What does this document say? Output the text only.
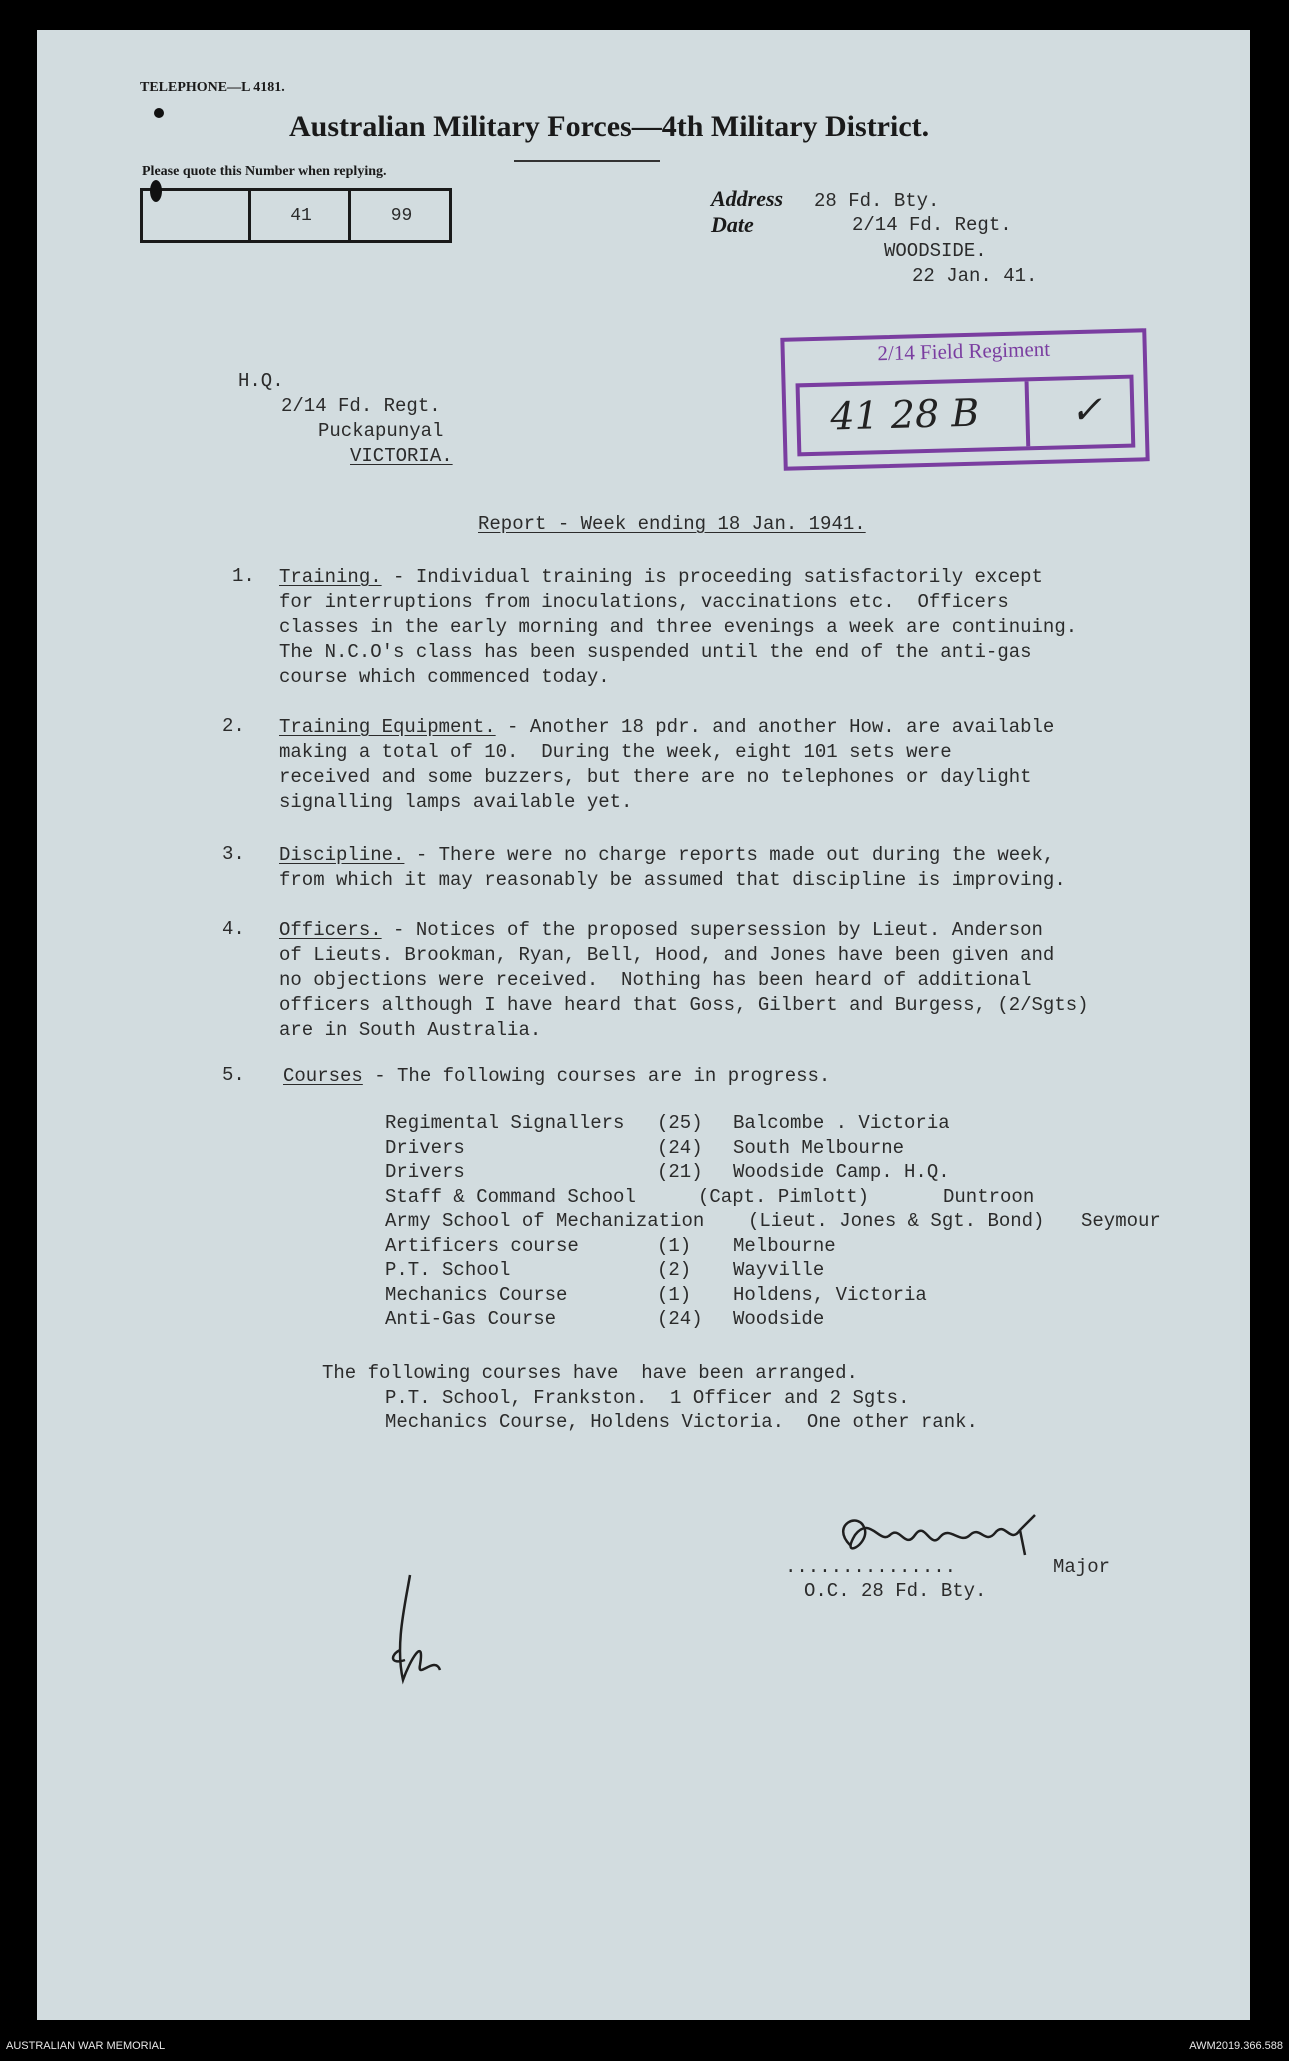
TELEPHONE—L 4181.
Australian Military Forces—4th Military District.
Please quote this Number when replying.
41	99
Address
Date
28 Fd. Bty.
2/14 Fd. Regt.
WOODSIDE.
22 Jan. 41.
2/14 Field Regiment
41 28 B ✓
H.Q.
2/14 Fd. Regt.
Puckapunyal
VICTORIA.
Report - Week ending 18 Jan. 1941.
1. Training. - Individual training is proceeding satisfactorily except
for interruptions from inoculations, vaccinations etc.  Officers
classes in the early morning and three evenings a week are continuing.
The N.C.O's class has been suspended until the end of the anti-gas
course which commenced today.
2. Training Equipment. - Another 18 pdr. and another How. are available
making a total of 10.  During the week, eight 101 sets were
received and some buzzers, but there are no telephones or daylight
signalling lamps available yet.
3. Discipline. - There were no charge reports made out during the week,
from which it may reasonably be assumed that discipline is improving.
4. Officers. - Notices of the proposed supersession by Lieut. Anderson
of Lieuts. Brookman, Ryan, Bell, Hood, and Jones have been given and
no objections were received.  Nothing has been heard of additional
officers although I have heard that Goss, Gilbert and Burgess, (2/Sgts)
are in South Australia.
5. Courses - The following courses are in progress.
Regimental Signallers (25) Balcombe . Victoria
Drivers	(24) South Melbourne
Drivers	(21) Woodside Camp. H.Q.
Staff & Command School	(Capt. Pimlott)	Duntroon
Army School of Mechanization (Lieut. Jones & Sgt. Bond) Seymour
Artificers course	(1) Melbourne
P.T. School	(2) Wayville
Mechanics Course	(1) Holdens, Victoria
Anti-Gas Course	(24) Woodside
The following courses have  have been arranged.
P.T. School, Frankston.  1 Officer and 2 Sgts.
Mechanics Course, Holdens Victoria.  One other rank.
...............	Major
O.C. 28 Fd. Bty.
AUSTRALIAN WAR MEMORIAL	AWM2019.366.588
